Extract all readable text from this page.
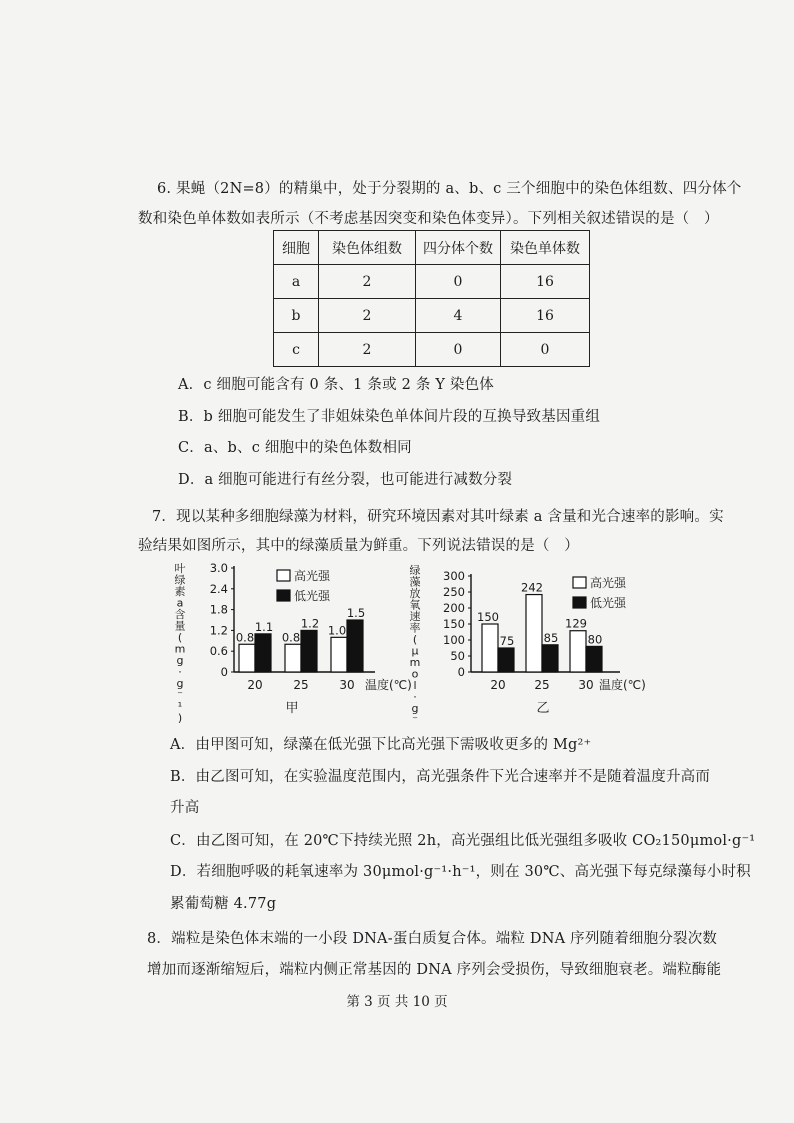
6. 果蝇（2N=8）的精巢中，处于分裂期的 a、b、c 三个细胞中的染色体组数、四分体个
数和染色单体数如表所示（不考虑基因突变和染色体变异）。下列相关叙述错误的是（　）
细胞	染色体组数	四分体个数	染色单体数
a	2	0	16
b	2	4	16
c	2	0	0
A．c 细胞可能含有 0 条、1 条或 2 条 Y 染色体
B．b 细胞可能发生了非姐妹染色单体间片段的互换导致基因重组
C．a、b、c 细胞中的染色体数相同
D．a 细胞可能进行有丝分裂，也可能进行减数分裂
7．现以某种多细胞绿藻为材料，研究环境因素对其叶绿素 a 含量和光合速率的影响。实
验结果如图所示，其中的绿藻质量为鲜重。下列说法错误的是（　）
叶
绿
素
a
含
量
(
m
g
·
g
⁻
¹
)
0
0.6
1.2
1.8
2.4
3.0
0.8
1.1
20
0.8
1.2
25
1.0
1.5
30 温度(℃)
甲
高光强
低光强
绿
藻
放
氧
速
率
(
μ
m
o
l
·
g
⁻
0
50
100
150
200
250
300
150
75
20
242
85
25
129
80
30 温度(℃)
乙
高光强
低光强
A．由甲图可知，绿藻在低光强下比高光强下需吸收更多的 Mg²⁺
B．由乙图可知，在实验温度范围内，高光强条件下光合速率并不是随着温度升高而
升高
C．由乙图可知，在 20℃下持续光照 2h，高光强组比低光强组多吸收 CO₂150μmol·g⁻¹
D．若细胞呼吸的耗氧速率为 30μmol·g⁻¹·h⁻¹，则在 30℃、高光强下每克绿藻每小时积
累葡萄糖 4.77g
8．端粒是染色体末端的一小段 DNA-蛋白质复合体。端粒 DNA 序列随着细胞分裂次数
增加而逐渐缩短后，端粒内侧正常基因的 DNA 序列会受损伤，导致细胞衰老。端粒酶能
第 3 页 共 10 页
